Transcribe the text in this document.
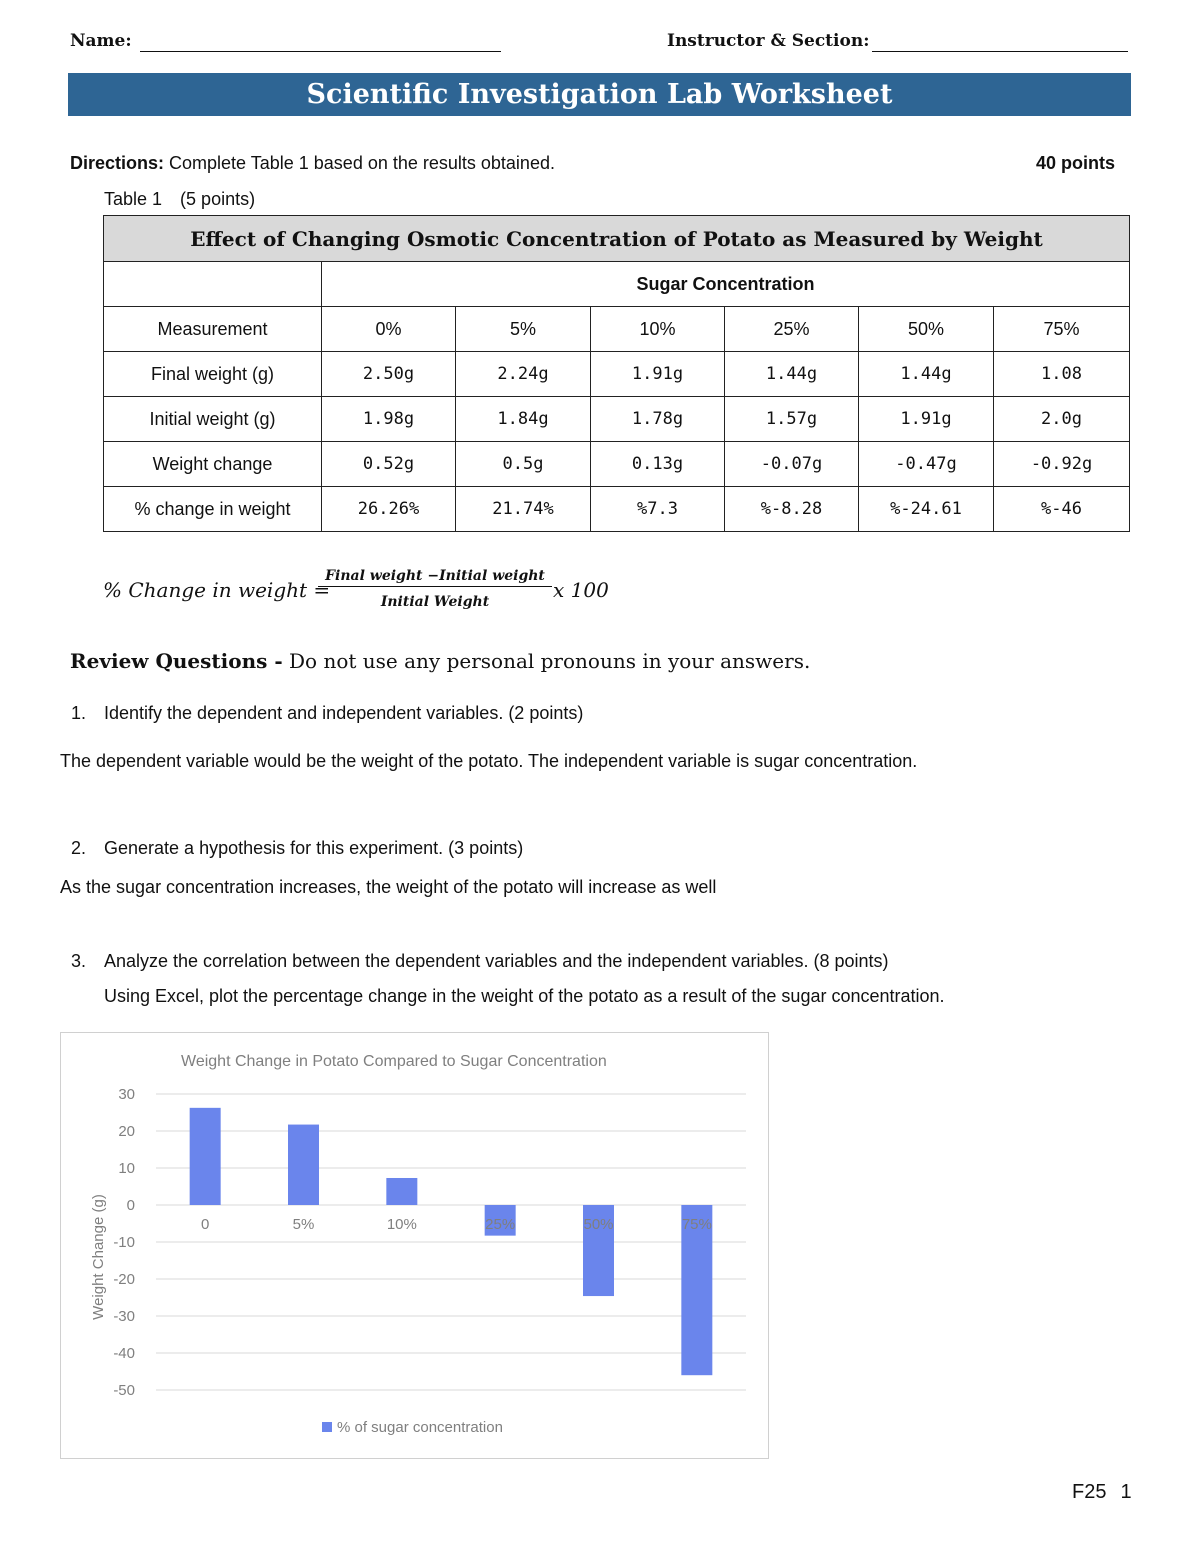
Name:	Instructor & Section:
Scientific Investigation Lab Worksheet
Directions: Complete Table 1 based on the results obtained.	40 points
Table 1 (5 points)
Effect of Changing Osmotic Concentration of Potato as Measured by Weight						
	Sugar Concentration					
Measurement	0%	5%	10%	25%	50%	75%
Final weight (g)	2.50g	2.24g	1.91g	1.44g	1.44g	1.08
Initial weight (g)	1.98g	1.84g	1.78g	1.57g	1.91g	2.0g
Weight change	0.52g	0.5g	0.13g	-0.07g	-0.47g	-0.92g
% change in weight	26.26%	21.74%	%7.3	%-8.28	%-24.61	%-46
% Change in weight =
Final weight −Initial weight
Initial Weight	x 100
Review Questions - Do not use any personal pronouns in your answers.
1. Identify the dependent and independent variables. (2 points)
The dependent variable would be the weight of the potato. The independent variable is sugar concentration.
2. Generate a hypothesis for this experiment. (3 points)
As the sugar concentration increases, the weight of the potato will increase as well
3. Analyze the correlation between the dependent variables and the independent variables. (8 points)
Using Excel, plot the percentage change in the weight of the potato as a result of the sugar concentration.
Weight Change in Potato Compared to Sugar Concentration
30
20
10
0
-10
-20
-30
-40
-50
Weight Change (g)	0	5%	10%	25%	50%	75%
% of sugar concentration
F25 1
